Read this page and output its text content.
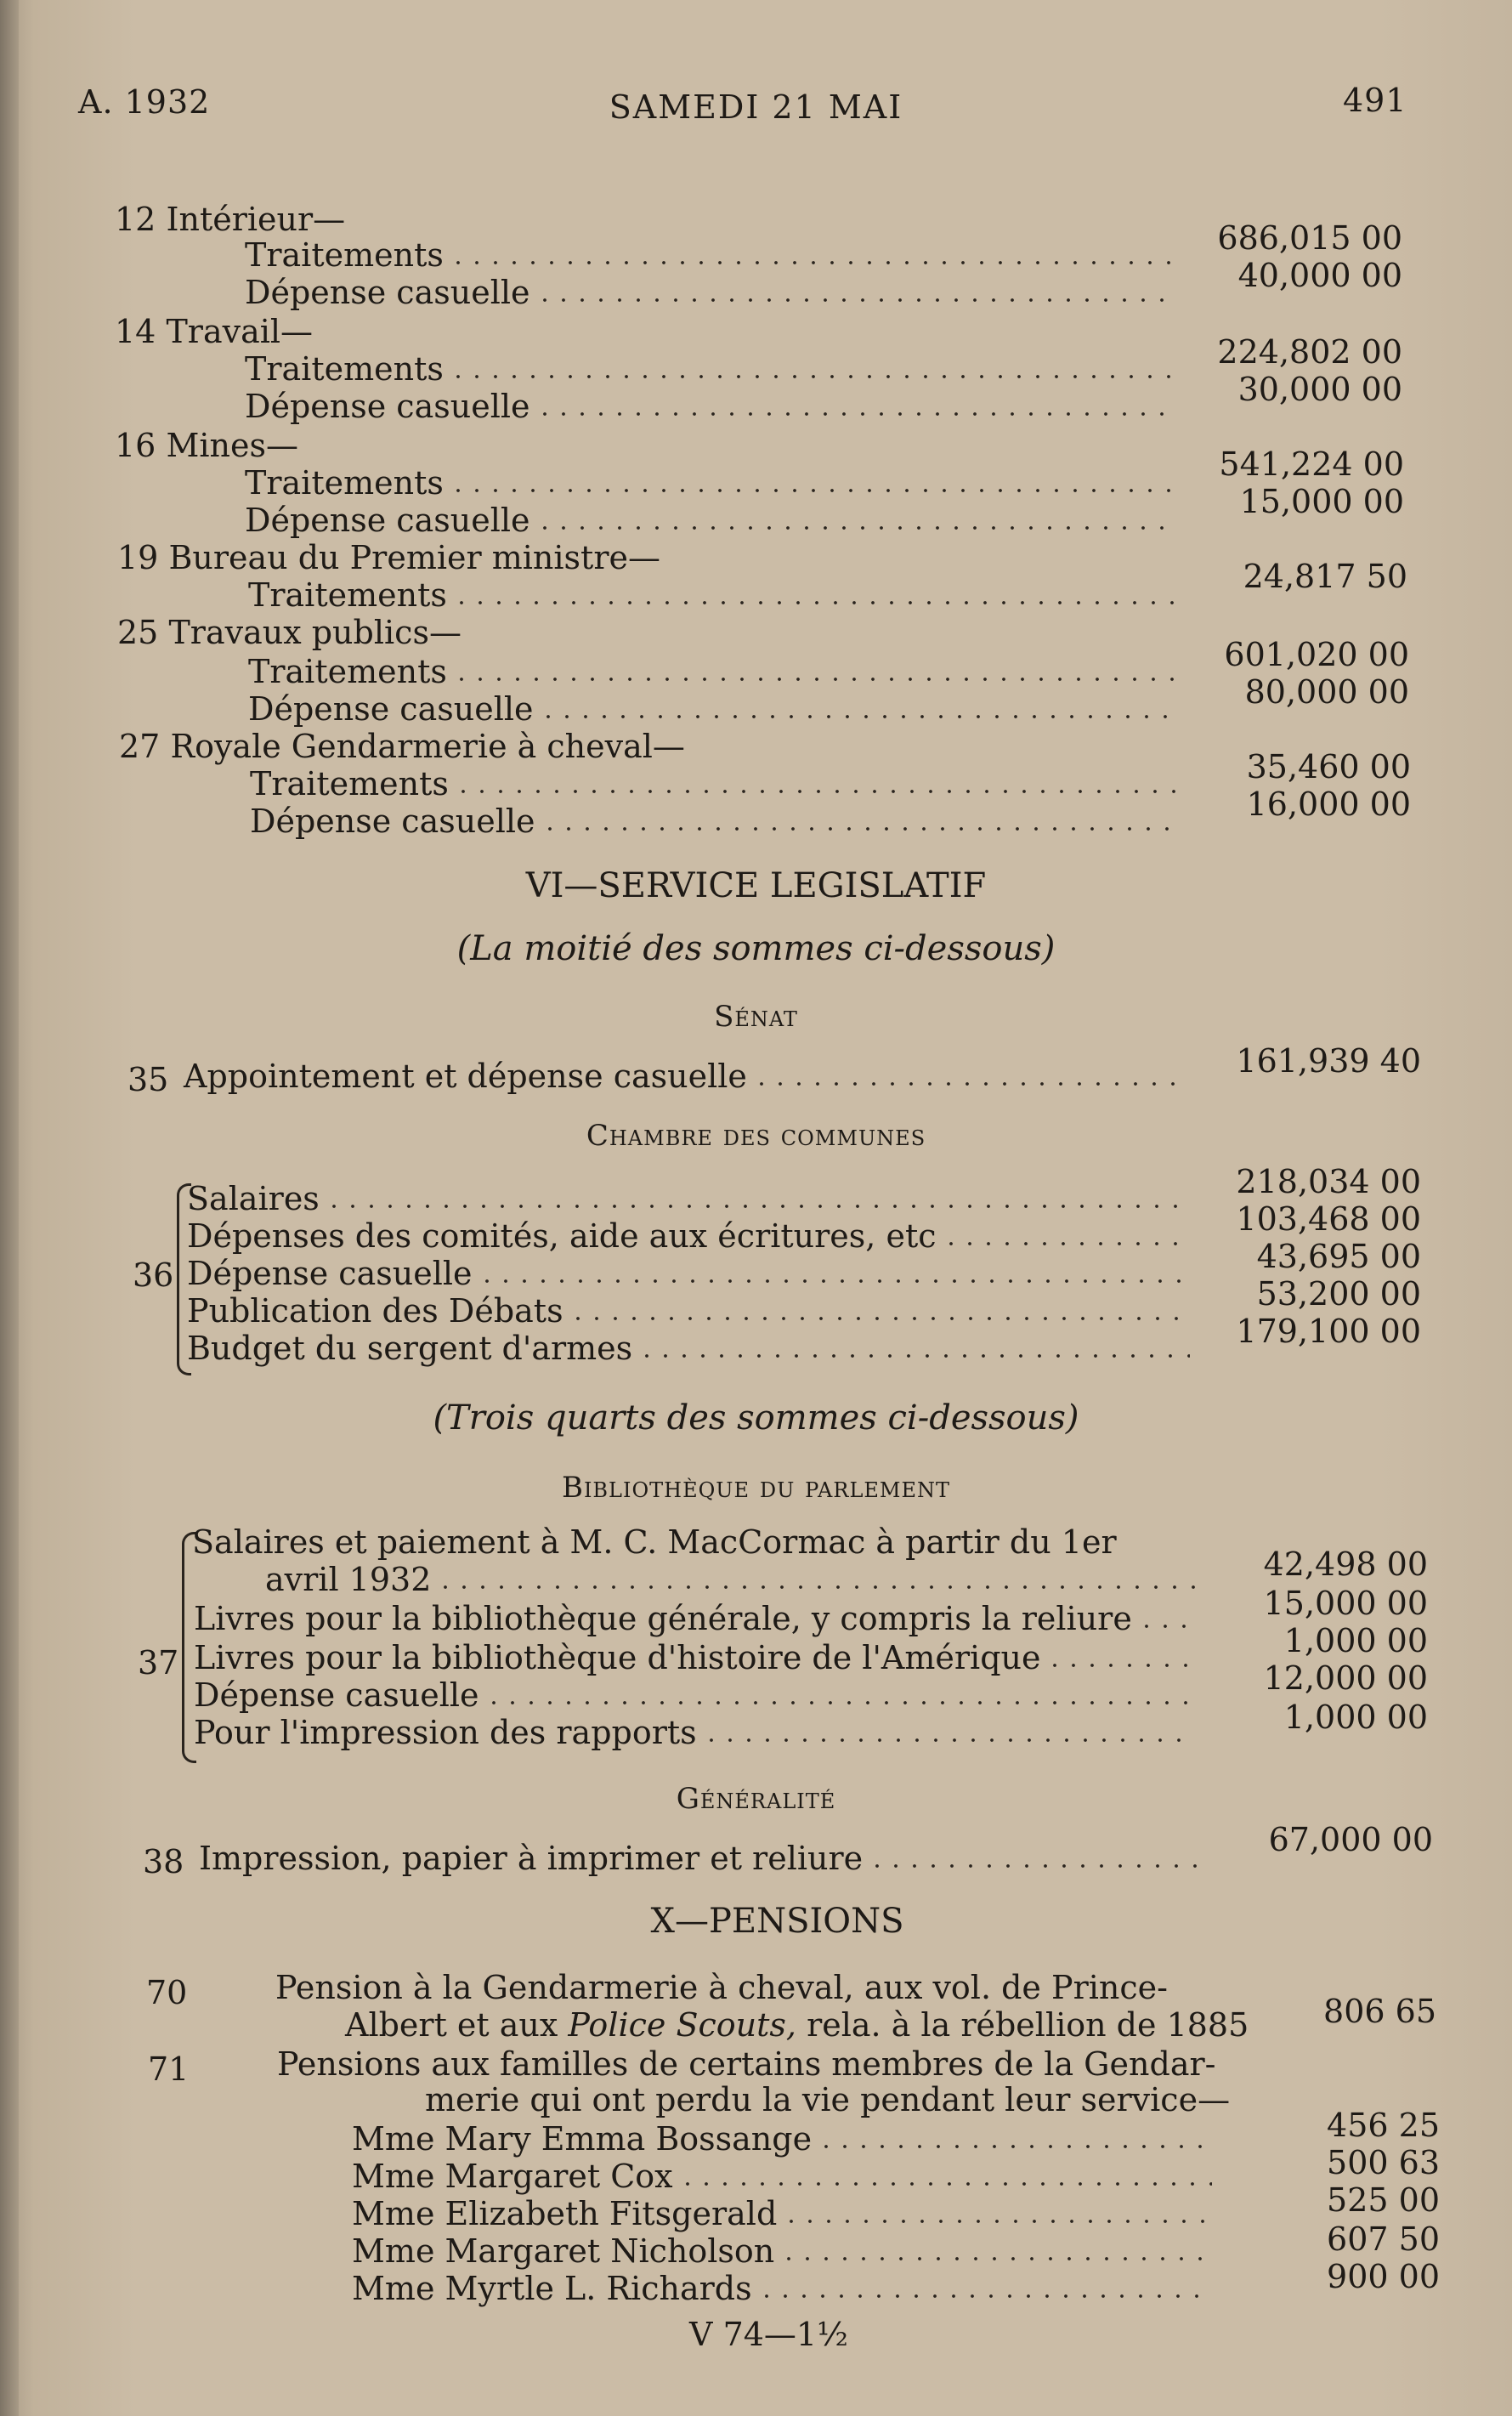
A. 1932	SAMEDI 21 MAI	491
12 Intérieur—
Traitements	686,015 00
Dépense casuelle	40,000 00
14 Travail—
Traitements	224,802 00
Dépense casuelle	30,000 00
16 Mines—
Traitements	541,224 00
Dépense casuelle	15,000 00
19 Bureau du Premier ministre—
Traitements	24,817 50
25 Travaux publics—
Traitements	601,020 00
Dépense casuelle	80,000 00
27 Royale Gendarmerie à cheval—
Traitements	35,460 00
Dépense casuelle	16,000 00
VI—SERVICE LEGISLATIF
(La moitié des sommes ci-dessous)
Sénat
35 Appointement et dépense casuelle	161,939 40
Chambre des communes
36
Salaires	218,034 00
Dépenses des comités, aide aux écritures, etc	103,468 00
Dépense casuelle	43,695 00
Publication des Débats	53,200 00
Budget du sergent d'armes	179,100 00
(Trois quarts des sommes ci-dessous)
Bibliothèque du parlement
37
Salaires et paiement à M. C. MacCormac à partir du 1er
avril 1932	42,498 00
Livres pour la bibliothèque générale, y compris la reliure	15,000 00
Livres pour la bibliothèque d'histoire de l'Amérique	1,000 00
Dépense casuelle	12,000 00
Pour l'impression des rapports	1,000 00
Généralité
38 Impression, papier à imprimer et reliure	67,000 00
X—PENSIONS
70	Pension à la Gendarmerie à cheval, aux vol. de Prince-
Albert et aux Police Scouts, rela. à la rébellion de 1885	806 65
71	Pensions aux familles de certains membres de la Gendar-
merie qui ont perdu la vie pendant leur service—
Mme Mary Emma Bossange	456 25
Mme Margaret Cox	500 63
Mme Elizabeth Fitsgerald	525 00
Mme Margaret Nicholson	607 50
Mme Myrtle L. Richards	900 00
V 74—1½
